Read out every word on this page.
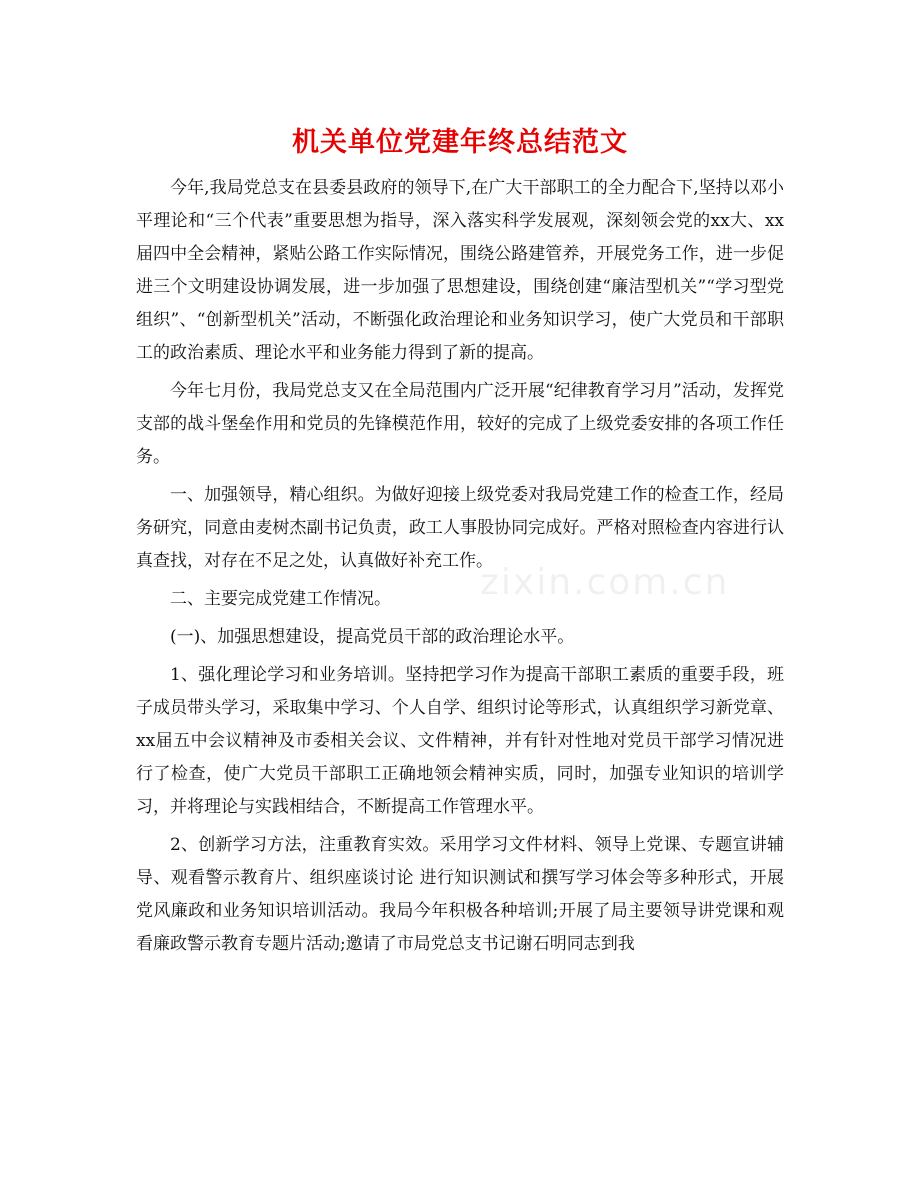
机关单位党建年终总结范文

今年,我局党总支在县委县政府的领导下,在广大干部职工的全力配合下,坚持以邓小平理论和“三个代表”重要思想为指导，深入落实科学发展观，深刻领会党的xx大、xx届四中全会精神，紧贴公路工作实际情况，围绕公路建管养，开展党务工作，进一步促进三个文明建设协调发展，进一步加强了思想建设，围绕创建“廉洁型机关”“学习型党组织”、“创新型机关”活动，不断强化政治理论和业务知识学习，使广大党员和干部职工的政治素质、理论水平和业务能力得到了新的提高。

今年七月份，我局党总支又在全局范围内广泛开展“纪律教育学习月”活动，发挥党支部的战斗堡垒作用和党员的先锋模范作用，较好的完成了上级党委安排的各项工作任务。

一、加强领导，精心组织。为做好迎接上级党委对我局党建工作的检查工作，经局务研究，同意由麦树杰副书记负责，政工人事股协同完成好。严格对照检查内容进行认真查找，对存在不足之处，认真做好补充工作。

二、主要完成党建工作情况。

(一)、加强思想建设，提高党员干部的政治理论水平。

1、强化理论学习和业务培训。坚持把学习作为提高干部职工素质的重要手段，班子成员带头学习，采取集中学习、个人自学、组织讨论等形式，认真组织学习新党章、xx届五中会议精神及市委相关会议、文件精神，并有针对性地对党员干部学习情况进行了检查，使广大党员干部职工正确地领会精神实质，同时，加强专业知识的培训学习，并将理论与实践相结合，不断提高工作管理水平。

2、创新学习方法，注重教育实效。采用学习文件材料、领导上党课、专题宣讲辅导、观看警示教育片、组织座谈讨论 进行知识测试和撰写学习体会等多种形式，开展党风廉政和业务知识培训活动。我局今年积极各种培训;开展了局主要领导讲党课和观看廉政警示教育专题片活动;邀请了市局党总支书记谢石明同志到我

zixin.com.cn
